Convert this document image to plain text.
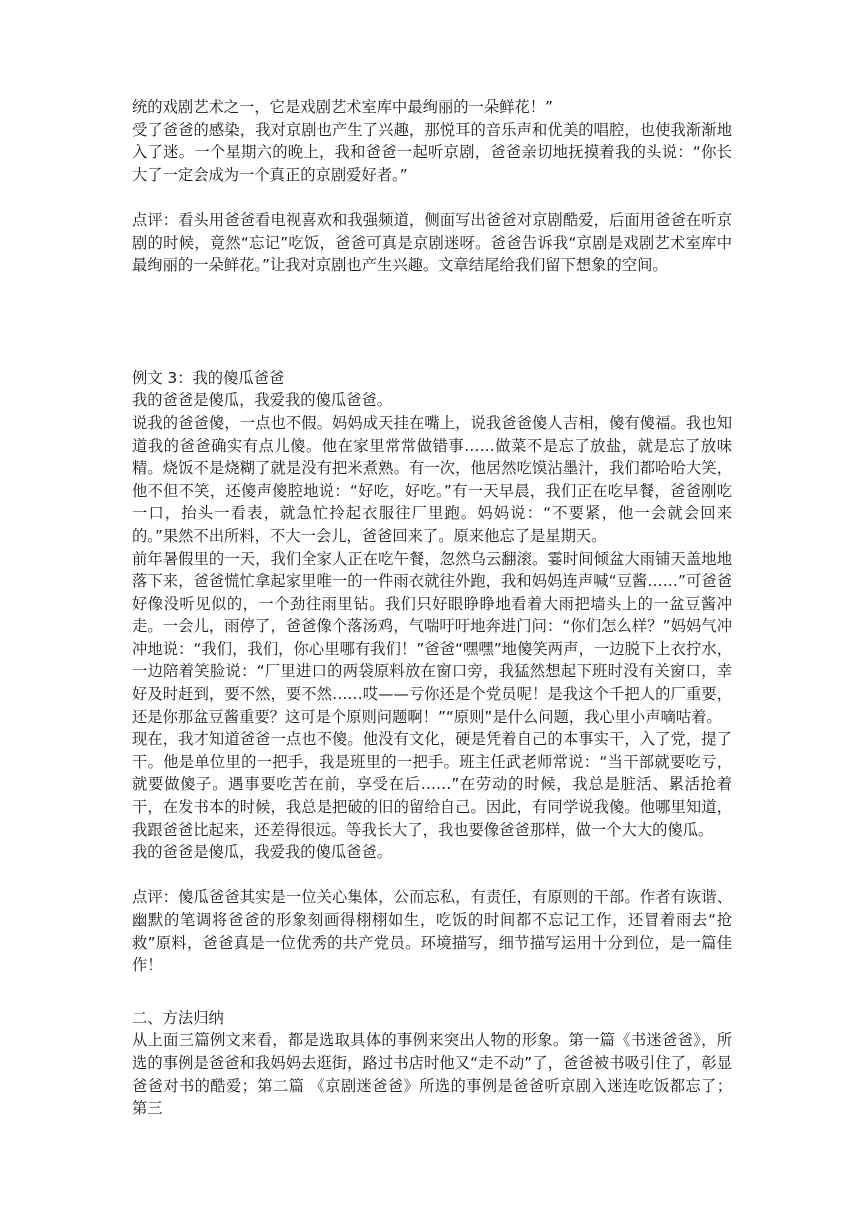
统的戏剧艺术之一，它是戏剧艺术室库中最绚丽的一朵鲜花！”

受了爸爸的感染，我对京剧也产生了兴趣，那悦耳的音乐声和优美的唱腔，也使我渐渐地入了迷。一个星期六的晚上，我和爸爸一起听京剧，爸爸亲切地抚摸着我的头说：“你长大了一定会成为一个真正的京剧爱好者。”

点评：看头用爸爸看电视喜欢和我强频道，侧面写出爸爸对京剧酷爱，后面用爸爸在听京剧的时候，竟然“忘记”吃饭，爸爸可真是京剧迷呀。爸爸告诉我“京剧是戏剧艺术室库中最绚丽的一朵鲜花。”让我对京剧也产生兴趣。文章结尾给我们留下想象的空间。

例文 3：我的傻瓜爸爸

我的爸爸是傻瓜，我爱我的傻瓜爸爸。

说我的爸爸傻，一点也不假。妈妈成天挂在嘴上，说我爸爸傻人吉相，傻有傻福。我也知道我的爸爸确实有点儿傻。他在家里常常做错事……做菜不是忘了放盐，就是忘了放味精。烧饭不是烧糊了就是没有把米煮熟。有一次，他居然吃馍沾墨汁，我们都哈哈大笑，他不但不笑，还傻声傻腔地说：“好吃，好吃。”有一天早晨，我们正在吃早餐，爸爸刚吃一口，抬头一看表，就急忙拎起衣服往厂里跑。妈妈说：“不要紧，他一会就会回来的。”果然不出所料，不大一会儿，爸爸回来了。原来他忘了是星期天。

前年暑假里的一天，我们全家人正在吃午餐，忽然乌云翻滚。霎时间倾盆大雨铺天盖地地落下来，爸爸慌忙拿起家里唯一的一件雨衣就往外跑，我和妈妈连声喊“豆酱……”可爸爸好像没听见似的，一个劲往雨里钻。我们只好眼睁睁地看着大雨把墙头上的一盆豆酱冲走。一会儿，雨停了，爸爸像个落汤鸡，气喘吁吁地奔进门问：“你们怎么样？”妈妈气冲冲地说：“我们，我们，你心里哪有我们！”爸爸“嘿嘿”地傻笑两声，一边脱下上衣拧水，一边陪着笑脸说：“厂里进口的两袋原料放在窗口旁，我猛然想起下班时没有关窗口，幸好及时赶到，要不然，要不然……哎——亏你还是个党员呢！是我这个千把人的厂重要，还是你那盆豆酱重要？这可是个原则问题啊！”“原则”是什么问题，我心里小声嘀咕着。

现在，我才知道爸爸一点也不傻。他没有文化，硬是凭着自己的本事实干，入了党，提了干。他是单位里的一把手，我是班里的一把手。班主任武老师常说：“当干部就要吃亏，就要做傻子。遇事要吃苦在前，享受在后……”在劳动的时候，我总是脏活、累活抢着干，在发书本的时候，我总是把破的旧的留给自己。因此，有同学说我傻。他哪里知道，我跟爸爸比起来，还差得很远。等我长大了，我也要像爸爸那样，做一个大大的傻瓜。

我的爸爸是傻瓜，我爱我的傻瓜爸爸。

点评：傻瓜爸爸其实是一位关心集体，公而忘私，有责任，有原则的干部。作者有诙谐、幽默的笔调将爸爸的形象刻画得栩栩如生，吃饭的时间都不忘记工作，还冒着雨去“抢救”原料，爸爸真是一位优秀的共产党员。环境描写，细节描写运用十分到位，是一篇佳作！

二、方法归纳

从上面三篇例文来看，都是选取具体的事例来突出人物的形象。第一篇《书迷爸爸》，所选的事例是爸爸和我妈妈去逛街，路过书店时他又“走不动”了，爸爸被书吸引住了，彰显爸爸对书的酷爱；第二篇 《京剧迷爸爸》所选的事例是爸爸听京剧入迷连吃饭都忘了；第三
